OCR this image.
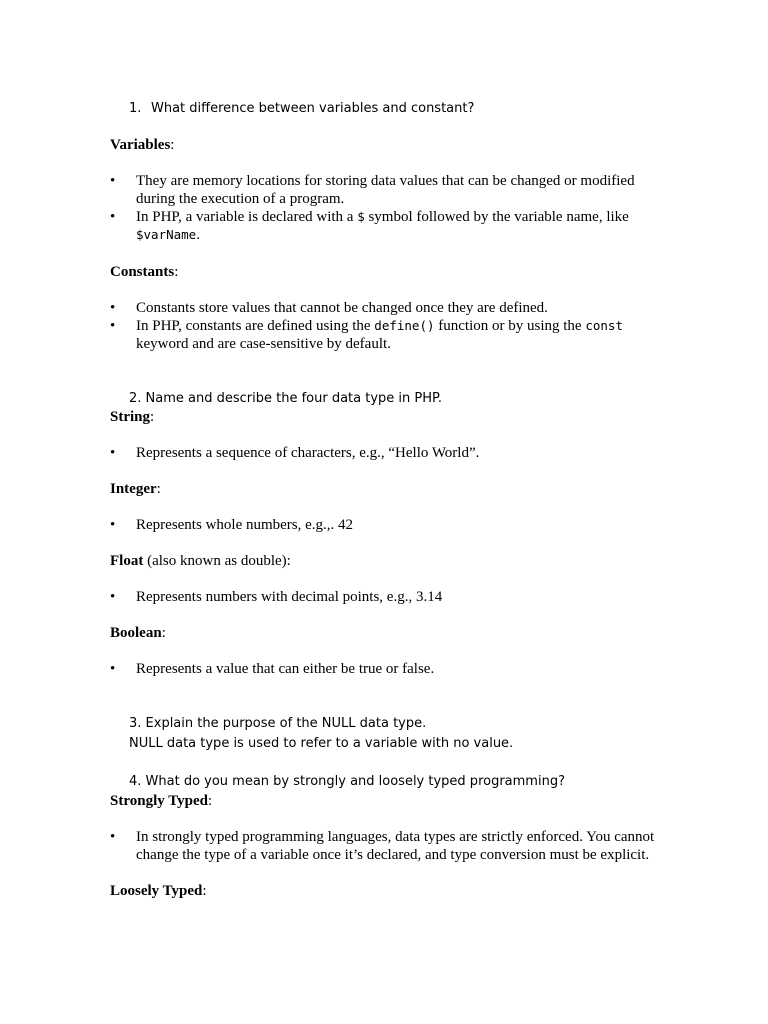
1. What difference between variables and constant?
Variables:
•	They are memory locations for storing data values that can be changed or modified during the execution of a program.
•	In PHP, a variable is declared with a $ symbol followed by the variable name, like $varName.
Constants:
•	Constants store values that cannot be changed once they are defined.
•	In PHP, constants are defined using the define() function or by using the const keyword and are case-sensitive by default.
2. Name and describe the four data type in PHP.
String:
•	Represents a sequence of characters, e.g., “Hello World”.
Integer:
•	Represents whole numbers, e.g.,. 42
Float (also known as double):
•	Represents numbers with decimal points, e.g., 3.14
Boolean:
•	Represents a value that can either be true or false.
3. Explain the purpose of the NULL data type.
NULL data type is used to refer to a variable with no value.
4. What do you mean by strongly and loosely typed programming?
Strongly Typed:
•	In strongly typed programming languages, data types are strictly enforced. You cannot change the type of a variable once it’s declared, and type conversion must be explicit.
Loosely Typed:
